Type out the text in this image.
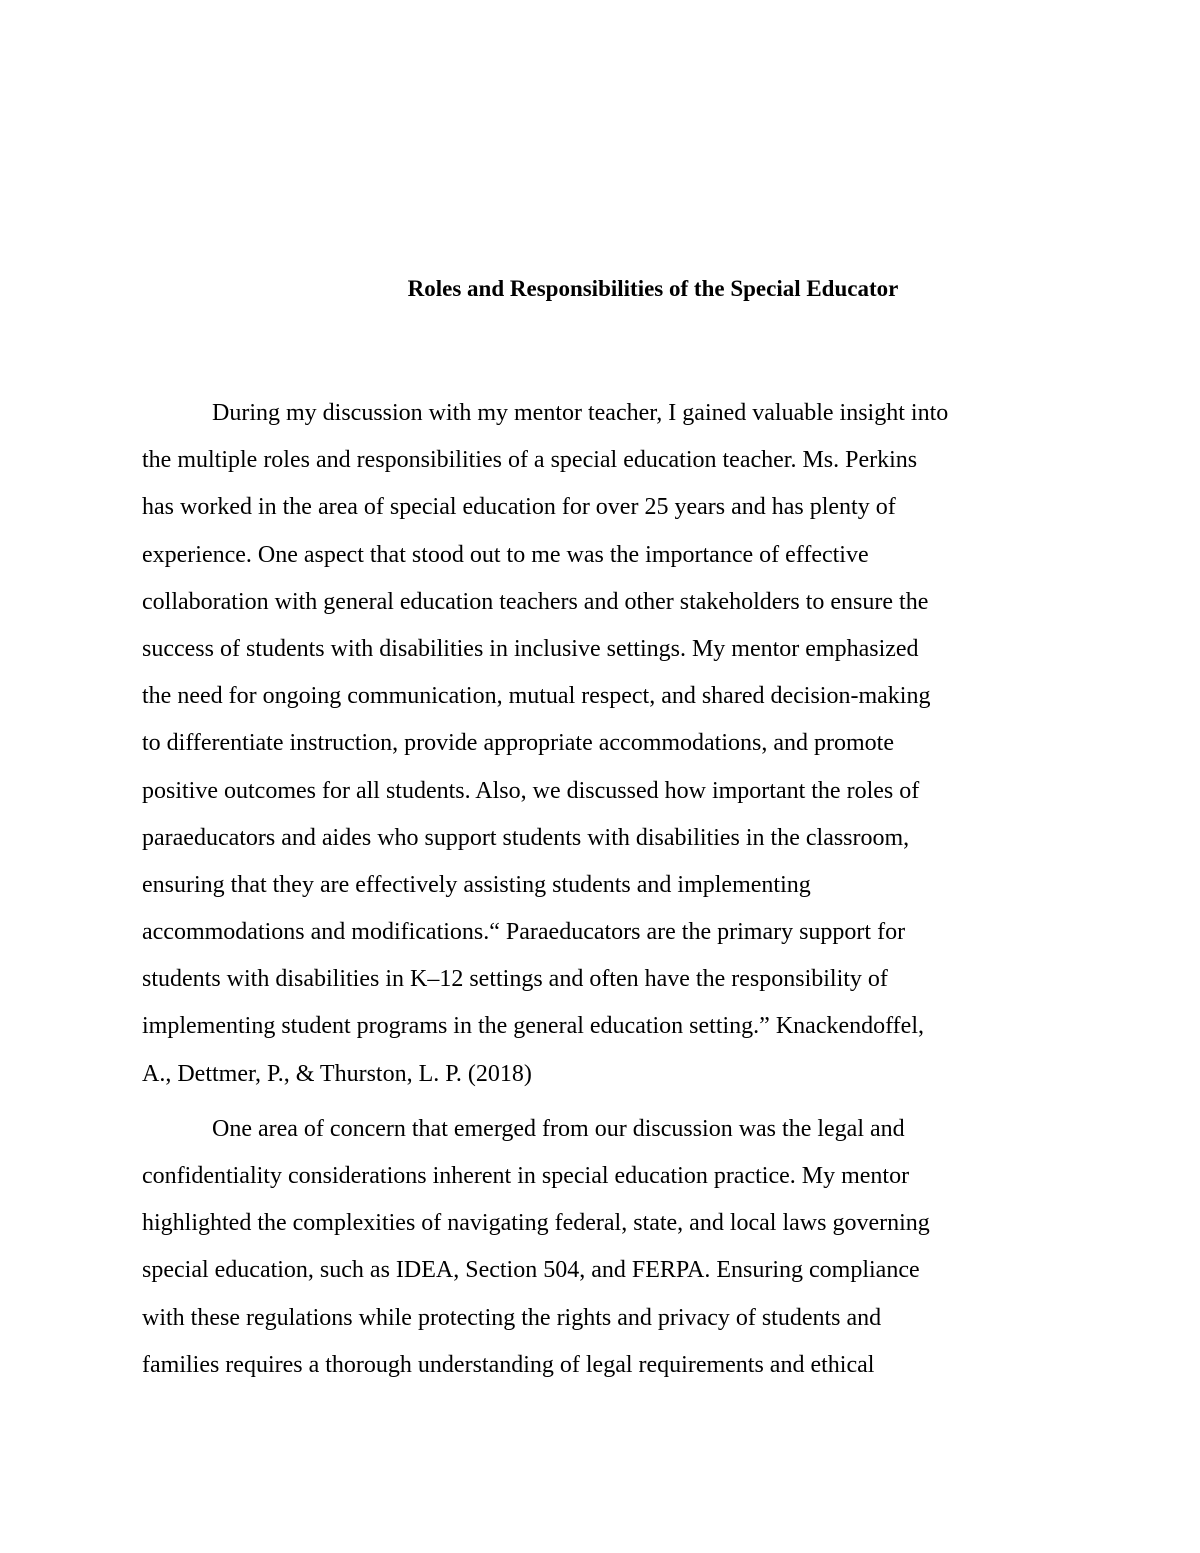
Roles and Responsibilities of the Special Educator
During my discussion with my mentor teacher, I gained valuable insight into
the multiple roles and responsibilities of a special education teacher. Ms. Perkins
has worked in the area of special education for over 25 years and has plenty of
experience. One aspect that stood out to me was the importance of effective
collaboration with general education teachers and other stakeholders to ensure the
success of students with disabilities in inclusive settings. My mentor emphasized
the need for ongoing communication, mutual respect, and shared decision-making
to differentiate instruction, provide appropriate accommodations, and promote
positive outcomes for all students. Also, we discussed how important the roles of
paraeducators and aides who support students with disabilities in the classroom,
ensuring that they are effectively assisting students and implementing
accommodations and modifications.“ Paraeducators are the primary support for
students with disabilities in K–12 settings and often have the responsibility of
implementing student programs in the general education setting.” Knackendoffel,
A., Dettmer, P., & Thurston, L. P. (2018)
One area of concern that emerged from our discussion was the legal and
confidentiality considerations inherent in special education practice. My mentor
highlighted the complexities of navigating federal, state, and local laws governing
special education, such as IDEA, Section 504, and FERPA. Ensuring compliance
with these regulations while protecting the rights and privacy of students and
families requires a thorough understanding of legal requirements and ethical
